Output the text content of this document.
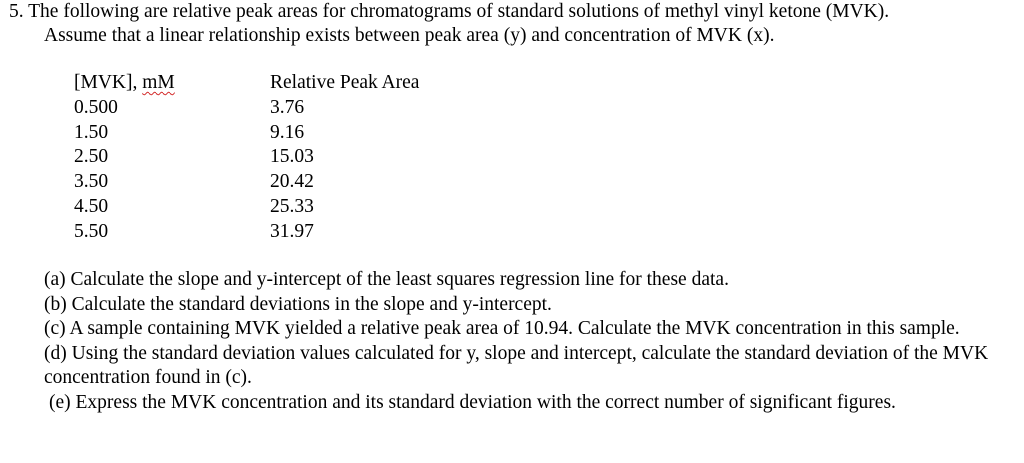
5. The following are relative peak areas for chromatograms of standard solutions of methyl vinyl ketone (MVK).
Assume that a linear relationship exists between peak area (y) and concentration of MVK (x).
[MVK], mM	Relative Peak Area
0.500	3.76
1.50	9.16
2.50	15.03
3.50	20.42
4.50	25.33
5.50	31.97
(a) Calculate the slope and y-intercept of the least squares regression line for these data.
(b) Calculate the standard deviations in the slope and y-intercept.
(c) A sample containing MVK yielded a relative peak area of 10.94. Calculate the MVK concentration in this sample.
(d) Using the standard deviation values calculated for y, slope and intercept, calculate the standard deviation of the MVK concentration found in (c).
(e) Express the MVK concentration and its standard deviation with the correct number of significant figures.
